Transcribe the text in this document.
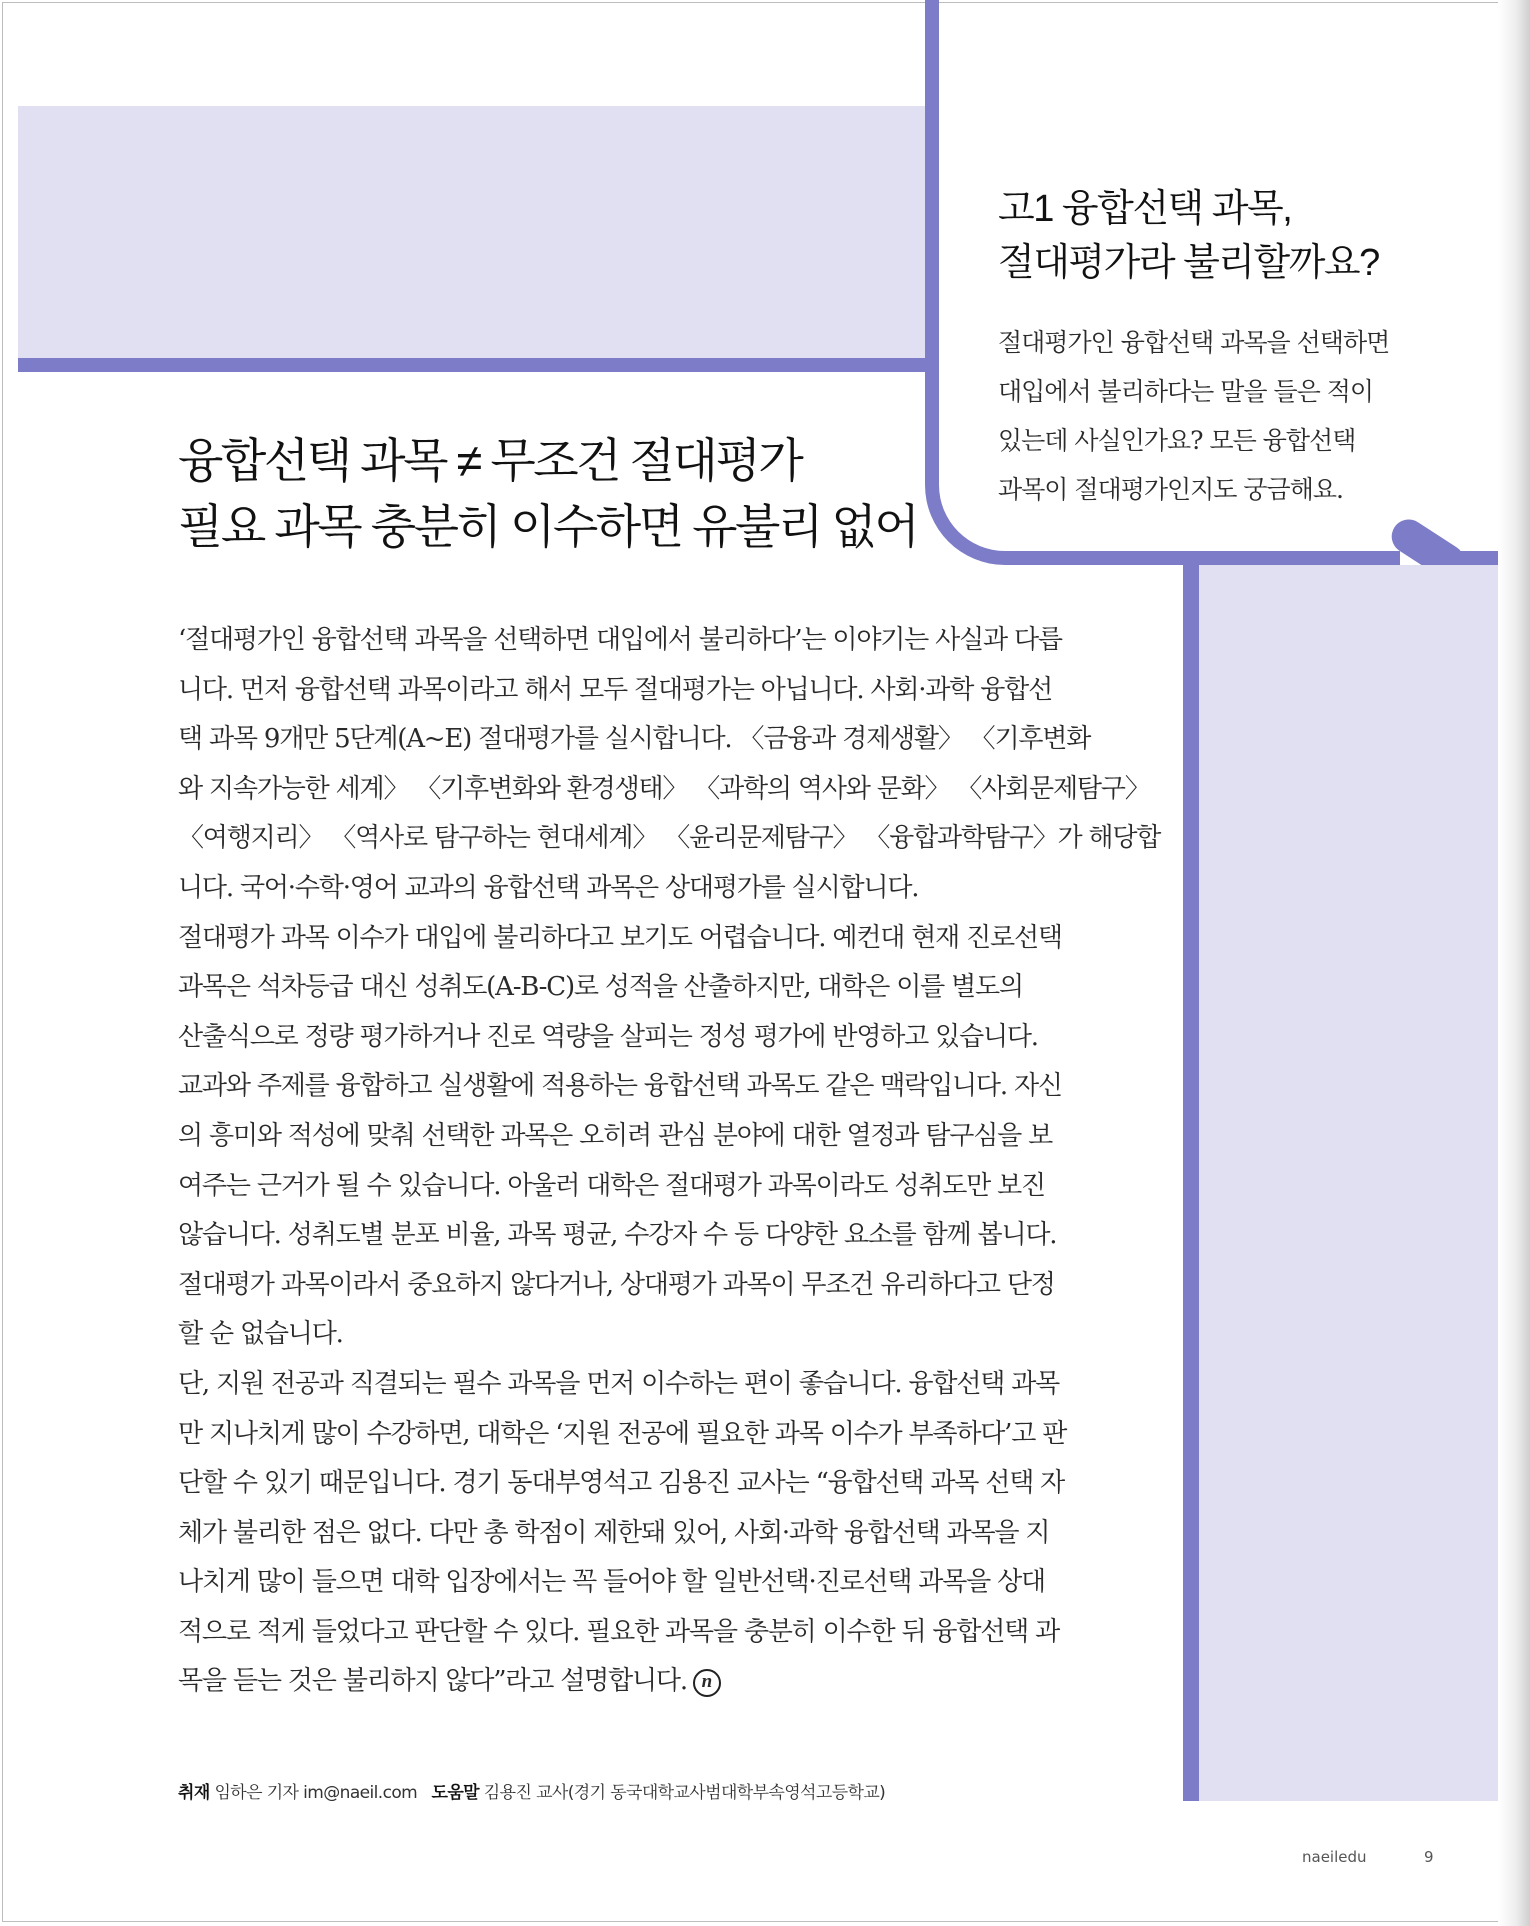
고1 융합선택 과목,
절대평가라 불리할까요?
절대평가인 융합선택 과목을 선택하면
대입에서 불리하다는 말을 들은 적이
있는데 사실인가요? 모든 융합선택
과목이 절대평가인지도 궁금해요.
융합선택 과목 ≠ 무조건 절대평가
필요 과목 충분히 이수하면 유불리 없어
‘절대평가인 융합선택 과목을 선택하면 대입에서 불리하다’는 이야기는 사실과 다릅
니다. 먼저 융합선택 과목이라고 해서 모두 절대평가는 아닙니다. 사회·과학 융합선
택 과목 9개만 5단계(A~E) 절대평가를 실시합니다. 〈금융과 경제생활〉 〈기후변화
와 지속가능한 세계〉 〈기후변화와 환경생태〉 〈과학의 역사와 문화〉 〈사회문제탐구〉
〈여행지리〉 〈역사로 탐구하는 현대세계〉 〈윤리문제탐구〉 〈융합과학탐구〉가 해당합
니다. 국어·수학·영어 교과의 융합선택 과목은 상대평가를 실시합니다.
절대평가 과목 이수가 대입에 불리하다고 보기도 어렵습니다. 예컨대 현재 진로선택
과목은 석차등급 대신 성취도(A-B-C)로 성적을 산출하지만, 대학은 이를 별도의
산출식으로 정량 평가하거나 진로 역량을 살피는 정성 평가에 반영하고 있습니다.
교과와 주제를 융합하고 실생활에 적용하는 융합선택 과목도 같은 맥락입니다. 자신
의 흥미와 적성에 맞춰 선택한 과목은 오히려 관심 분야에 대한 열정과 탐구심을 보
여주는 근거가 될 수 있습니다. 아울러 대학은 절대평가 과목이라도 성취도만 보진
않습니다. 성취도별 분포 비율, 과목 평균, 수강자 수 등 다양한 요소를 함께 봅니다.
절대평가 과목이라서 중요하지 않다거나, 상대평가 과목이 무조건 유리하다고 단정
할 순 없습니다.
단, 지원 전공과 직결되는 필수 과목을 먼저 이수하는 편이 좋습니다. 융합선택 과목
만 지나치게 많이 수강하면, 대학은 ‘지원 전공에 필요한 과목 이수가 부족하다’고 판
단할 수 있기 때문입니다. 경기 동대부영석고 김용진 교사는 “융합선택 과목 선택 자
체가 불리한 점은 없다. 다만 총 학점이 제한돼 있어, 사회·과학 융합선택 과목을 지
나치게 많이 들으면 대학 입장에서는 꼭 들어야 할 일반선택·진로선택 과목을 상대
적으로 적게 들었다고 판단할 수 있다. 필요한 과목을 충분히 이수한 뒤 융합선택 과
목을 듣는 것은 불리하지 않다”라고 설명합니다. n
취재 임하은 기자 im@naeil.com 도움말 김용진 교사(경기 동국대학교사범대학부속영석고등학교)
naeiledu	9
